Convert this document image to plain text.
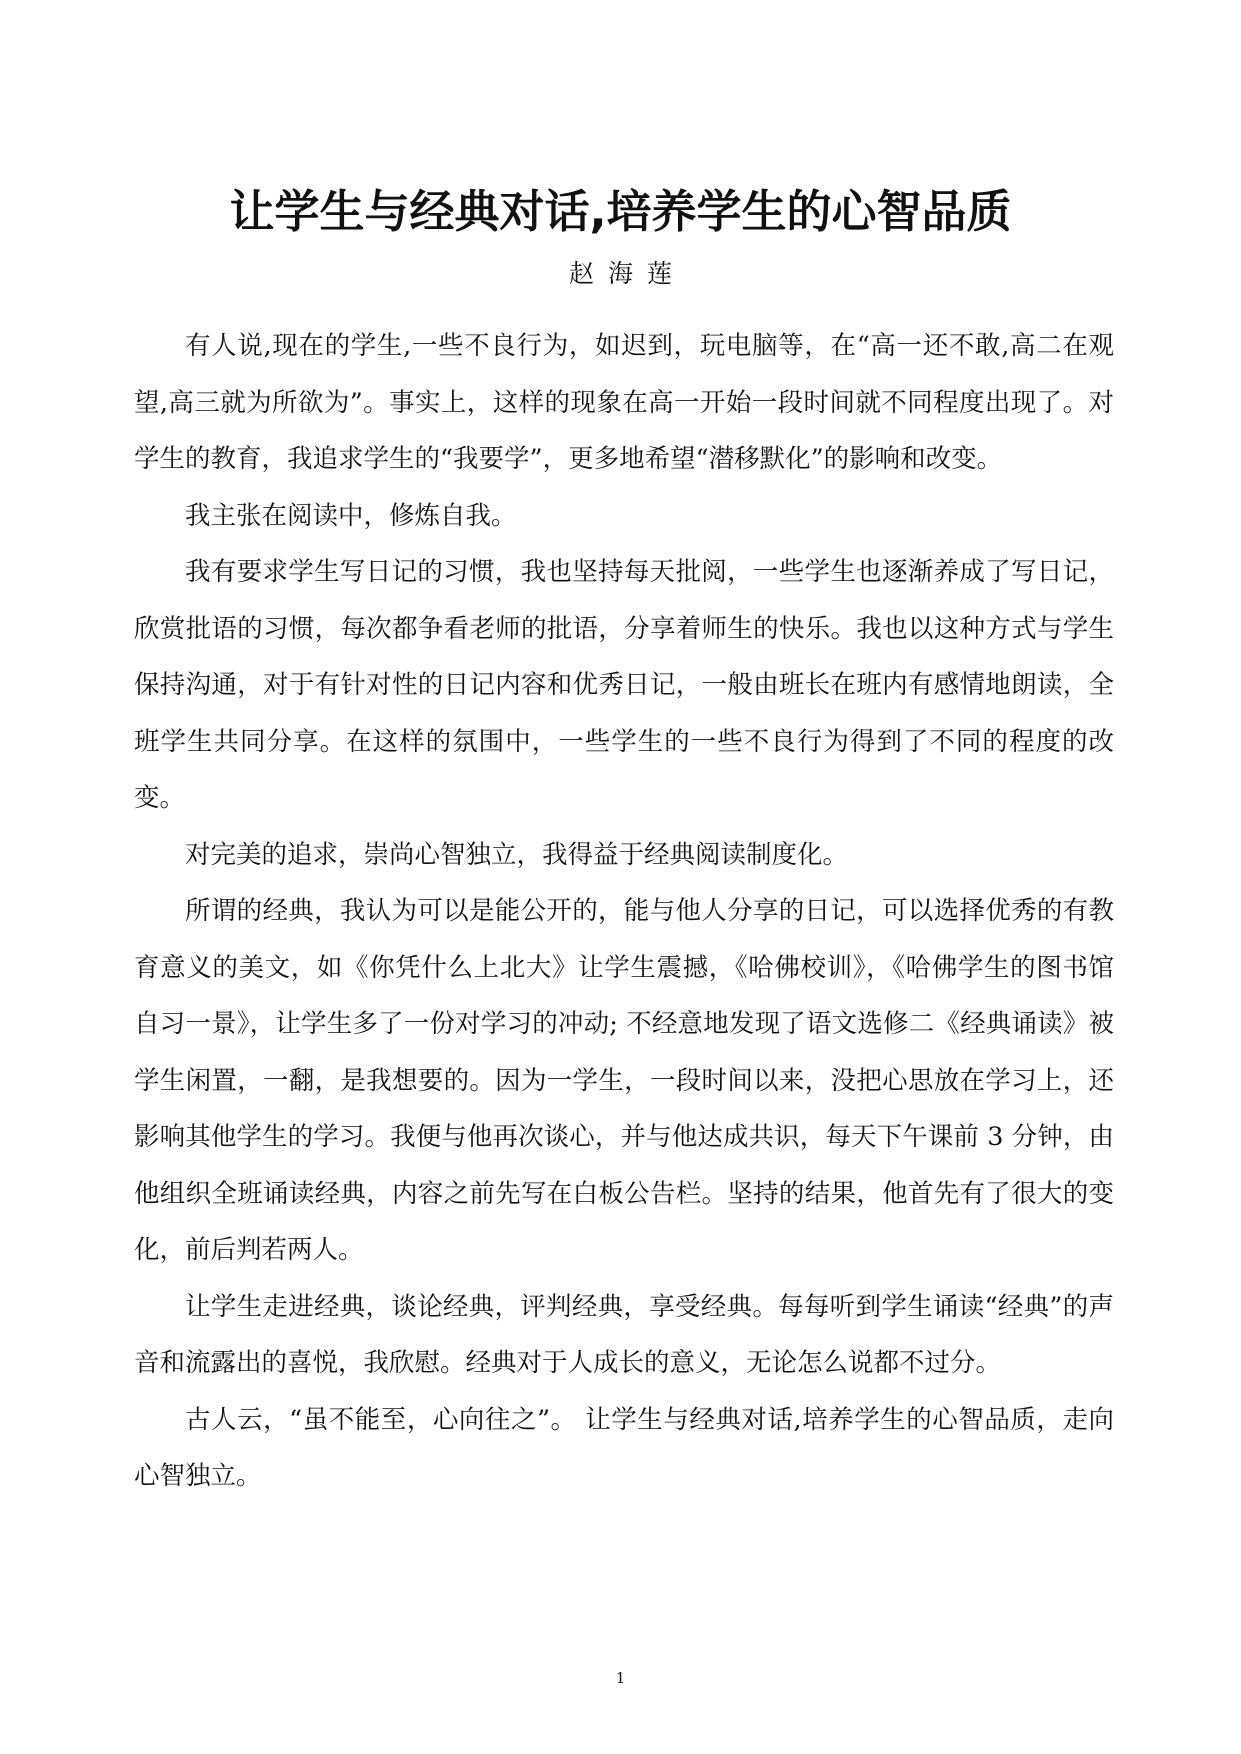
让学生与经典对话,培养学生的心智品质
赵海莲

有人说,现在的学生,一些不良行为，如迟到，玩电脑等，在“高一还不敢,高二在观望,高三就为所欲为”。事实上，这样的现象在高一开始一段时间就不同程度出现了。对学生的教育，我追求学生的“我要学”，更多地希望“潜移默化”的影响和改变。

我主张在阅读中，修炼自我。

我有要求学生写日记的习惯，我也坚持每天批阅，一些学生也逐渐养成了写日记，欣赏批语的习惯，每次都争看老师的批语，分享着师生的快乐。我也以这种方式与学生保持沟通，对于有针对性的日记内容和优秀日记，一般由班长在班内有感情地朗读，全班学生共同分享。在这样的氛围中，一些学生的一些不良行为得到了不同的程度的改变。

对完美的追求，崇尚心智独立，我得益于经典阅读制度化。

所谓的经典，我认为可以是能公开的，能与他人分享的日记，可以选择优秀的有教育意义的美文，如《你凭什么上北大》让学生震撼，《哈佛校训》，《哈佛学生的图书馆自习一景》，让学生多了一份对学习的冲动; 不经意地发现了语文选修二《经典诵读》被学生闲置，一翻，是我想要的。因为一学生，一段时间以来，没把心思放在学习上，还影响其他学生的学习。我便与他再次谈心，并与他达成共识，每天下午课前 3 分钟，由他组织全班诵读经典，内容之前先写在白板公告栏。坚持的结果，他首先有了很大的变化，前后判若两人。

让学生走进经典，谈论经典，评判经典，享受经典。每每听到学生诵读“经典”的声音和流露出的喜悦，我欣慰。经典对于人成长的意义，无论怎么说都不过分。

古人云，“虽不能至，心向往之”。 让学生与经典对话,培养学生的心智品质，走向心智独立。

1
